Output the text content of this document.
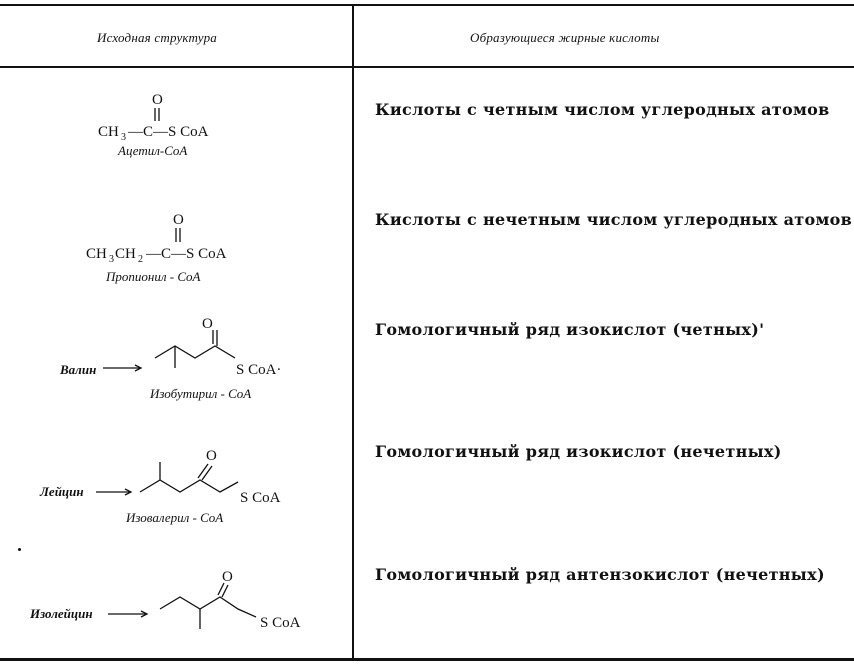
Исходная структура	Образующиеся жирные кислоты
O
CH 3 —C—S CoA
Ацетил-CoA
Кислоты с четным числом углеродных атомов
O
CH 3 CH 2 —C—S CoA
Пропионил - CoA
Кислоты с нечетным числом углеродных атомов
Валин
O
S CoA·
Изобутирил - CoA
Гомологичный ряд изокислот (четных)'
Лейцин
O
S CoA
Изовалерил - CoA
Гомологичный ряд изокислот (нечетных)
Изолейцин
O
S CoA
Гомологичный ряд антензокислот (нечетных)
